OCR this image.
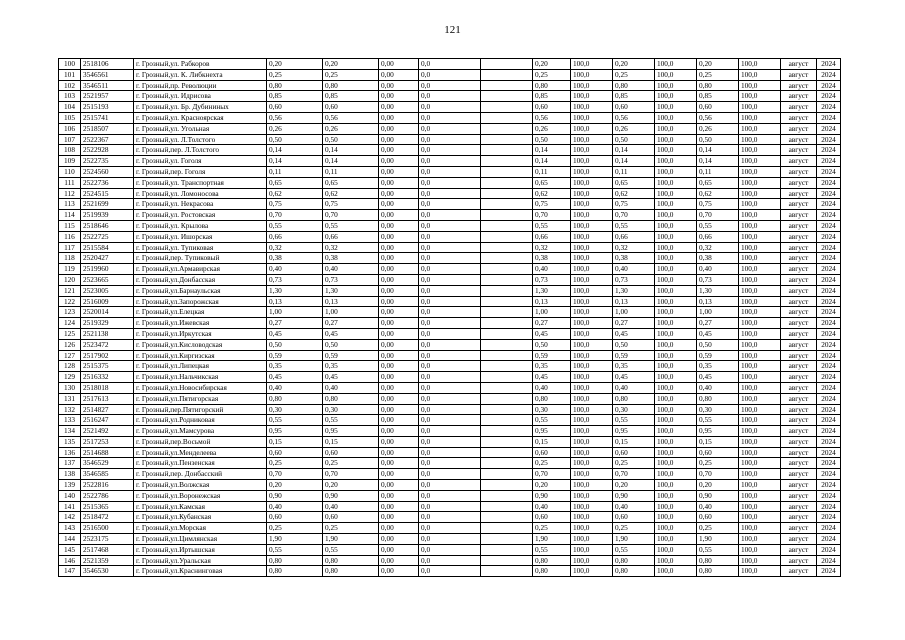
121
100	2518106	г. Грозный,ул. Рабкоров	0,20	0,20	0,00	0,0		0,20	100,0	0,20	100,0	0,20	100,0	август	2024
101	3546561	г. Грозный,ул. К. Либкнехта	0,25	0,25	0,00	0,0		0,25	100,0	0,25	100,0	0,25	100,0	август	2024
102	3546511	г. Грозный,пр. Революции	0,80	0,80	0,00	0,0		0,80	100,0	0,80	100,0	0,80	100,0	август	2024
103	2521957	г. Грозный,ул. Идрисова	0,85	0,85	0,00	0,0		0,85	100,0	0,85	100,0	0,85	100,0	август	2024
104	2515193	г. Грозный,ул. Бр. Дубининых	0,60	0,60	0,00	0,0		0,60	100,0	0,60	100,0	0,60	100,0	август	2024
105	2515741	г. Грозный,ул. Красноярская	0,56	0,56	0,00	0,0		0,56	100,0	0,56	100,0	0,56	100,0	август	2024
106	2518507	г. Грозный,ул. Угольная	0,26	0,26	0,00	0,0		0,26	100,0	0,26	100,0	0,26	100,0	август	2024
107	2522367	г. Грозный,ул. Л.Толстого	0,50	0,50	0,00	0,0		0,50	100,0	0,50	100,0	0,50	100,0	август	2024
108	2522928	г. Грозный,пер. Л.Толстого	0,14	0,14	0,00	0,0		0,14	100,0	0,14	100,0	0,14	100,0	август	2024
109	2522735	г. Грозный,ул. Гоголя	0,14	0,14	0,00	0,0		0,14	100,0	0,14	100,0	0,14	100,0	август	2024
110	2524560	г. Грозный,пер. Гоголя	0,11	0,11	0,00	0,0		0,11	100,0	0,11	100,0	0,11	100,0	август	2024
111	2522736	г. Грозный,ул. Транспортная	0,65	0,65	0,00	0,0		0,65	100,0	0,65	100,0	0,65	100,0	август	2024
112	2524515	г. Грозный,ул. Ломоносова	0,62	0,62	0,00	0,0		0,62	100,0	0,62	100,0	0,62	100,0	август	2024
113	2521699	г. Грозный,ул. Некрасова	0,75	0,75	0,00	0,0		0,75	100,0	0,75	100,0	0,75	100,0	август	2024
114	2519939	г. Грозный,ул. Ростовская	0,70	0,70	0,00	0,0		0,70	100,0	0,70	100,0	0,70	100,0	август	2024
115	2518646	г. Грозный,ул. Крылова	0,55	0,55	0,00	0,0		0,55	100,0	0,55	100,0	0,55	100,0	август	2024
116	2522725	г. Грозный,ул. Ишорская	0,66	0,66	0,00	0,0		0,66	100,0	0,66	100,0	0,66	100,0	август	2024
117	2515584	г. Грозный,ул. Тупиковая	0,32	0,32	0,00	0,0		0,32	100,0	0,32	100,0	0,32	100,0	август	2024
118	2520427	г. Грозный,пер. Тупиковый	0,38	0,38	0,00	0,0		0,38	100,0	0,38	100,0	0,38	100,0	август	2024
119	2519960	г. Грозный,ул.Армавирская	0,40	0,40	0,00	0,0		0,40	100,0	0,40	100,0	0,40	100,0	август	2024
120	2523665	г. Грозный,ул.Донбасская	0,73	0,73	0,00	0,0		0,73	100,0	0,73	100,0	0,73	100,0	август	2024
121	2523005	г. Грозный,ул.Барнаульская	1,30	1,30	0,00	0,0		1,30	100,0	1,30	100,0	1,30	100,0	август	2024
122	2516009	г. Грозный,ул.Запорожская	0,13	0,13	0,00	0,0		0,13	100,0	0,13	100,0	0,13	100,0	август	2024
123	2520014	г. Грозный,ул.Елецкая	1,00	1,00	0,00	0,0		1,00	100,0	1,00	100,0	1,00	100,0	август	2024
124	2519329	г. Грозный,ул.Ижевская	0,27	0,27	0,00	0,0		0,27	100,0	0,27	100,0	0,27	100,0	август	2024
125	2521138	г. Грозный,ул.Иркутская	0,45	0,45	0,00	0,0		0,45	100,0	0,45	100,0	0,45	100,0	август	2024
126	2523472	г. Грозный,ул.Кисловодская	0,50	0,50	0,00	0,0		0,50	100,0	0,50	100,0	0,50	100,0	август	2024
127	2517902	г. Грозный,ул.Киргизская	0,59	0,59	0,00	0,0		0,59	100,0	0,59	100,0	0,59	100,0	август	2024
128	2515375	г. Грозный,ул.Липецкая	0,35	0,35	0,00	0,0		0,35	100,0	0,35	100,0	0,35	100,0	август	2024
129	2516332	г. Грозный,ул.Нальчикская	0,45	0,45	0,00	0,0		0,45	100,0	0,45	100,0	0,45	100,0	август	2024
130	2518018	г. Грозный,ул.Новосибирская	0,40	0,40	0,00	0,0		0,40	100,0	0,40	100,0	0,40	100,0	август	2024
131	2517613	г. Грозный,ул.Пятигорская	0,80	0,80	0,00	0,0		0,80	100,0	0,80	100,0	0,80	100,0	август	2024
132	2514827	г. Грозный,пер.Пятигорский	0,30	0,30	0,00	0,0		0,30	100,0	0,30	100,0	0,30	100,0	август	2024
133	2516247	г. Грозный,ул.Родниковая	0,55	0,55	0,00	0,0		0,55	100,0	0,55	100,0	0,55	100,0	август	2024
134	2521492	г. Грозный,ул.Мамсурова	0,95	0,95	0,00	0,0		0,95	100,0	0,95	100,0	0,95	100,0	август	2024
135	2517253	г. Грозный,пер.Восьмой	0,15	0,15	0,00	0,0		0,15	100,0	0,15	100,0	0,15	100,0	август	2024
136	2514688	г. Грозный,ул.Менделеева	0,60	0,60	0,00	0,0		0,60	100,0	0,60	100,0	0,60	100,0	август	2024
137	3546529	г. Грозный,ул.Пензенская	0,25	0,25	0,00	0,0		0,25	100,0	0,25	100,0	0,25	100,0	август	2024
138	3546585	г. Грозный,пер. Донбасский	0,70	0,70	0,00	0,0		0,70	100,0	0,70	100,0	0,70	100,0	август	2024
139	2522816	г. Грозный,ул.Волжская	0,20	0,20	0,00	0,0		0,20	100,0	0,20	100,0	0,20	100,0	август	2024
140	2522786	г. Грозный,ул.Воронежская	0,90	0,90	0,00	0,0		0,90	100,0	0,90	100,0	0,90	100,0	август	2024
141	2515365	г. Грозный,ул.Камская	0,40	0,40	0,00	0,0		0,40	100,0	0,40	100,0	0,40	100,0	август	2024
142	2518472	г. Грозный,ул.Кубанская	0,60	0,60	0,00	0,0		0,60	100,0	0,60	100,0	0,60	100,0	август	2024
143	2516500	г. Грозный,ул.Морская	0,25	0,25	0,00	0,0		0,25	100,0	0,25	100,0	0,25	100,0	август	2024
144	2523175	г. Грозный,ул.Цимлянская	1,90	1,90	0,00	0,0		1,90	100,0	1,90	100,0	1,90	100,0	август	2024
145	2517468	г. Грозный,ул.Иртышская	0,55	0,55	0,00	0,0		0,55	100,0	0,55	100,0	0,55	100,0	август	2024
146	2521359	г. Грозный,ул.Уральская	0,80	0,80	0,00	0,0		0,80	100,0	0,80	100,0	0,80	100,0	август	2024
147	3546530	г. Грозный,ул.Краснинговая	0,80	0,80	0,00	0,0		0,80	100,0	0,80	100,0	0,80	100,0	август	2024
